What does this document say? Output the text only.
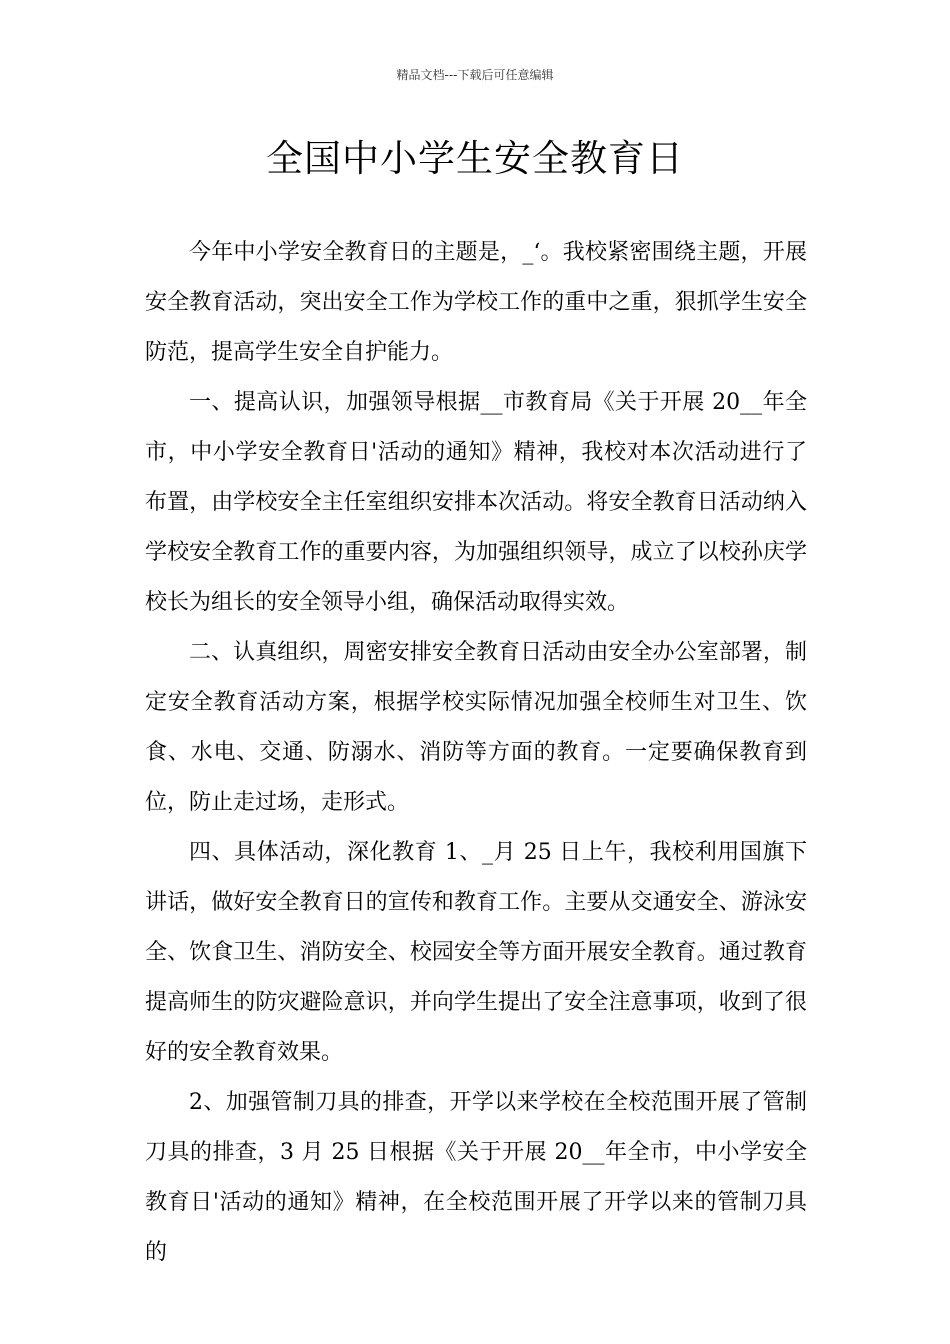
精品文档---下载后可任意编辑
全国中小学生安全教育日

今年中小学安全教育日的主题是，_‘。我校紧密围绕主题，开展安全教育活动，突出安全工作为学校工作的重中之重，狠抓学生安全防范，提高学生安全自护能力。

一、提高认识，加强领导根据__市教育局《关于开展 20__年全市，中小学安全教育日'活动的通知》精神，我校对本次活动进行了布置，由学校安全主任室组织安排本次活动。将安全教育日活动纳入学校安全教育工作的重要内容，为加强组织领导，成立了以校孙庆学校长为组长的安全领导小组，确保活动取得实效。

二、认真组织，周密安排安全教育日活动由安全办公室部署，制定安全教育活动方案，根据学校实际情况加强全校师生对卫生、饮食、水电、交通、防溺水、消防等方面的教育。一定要确保教育到位，防止走过场，走形式。

四、具体活动，深化教育 1、_月 25 日上午，我校利用国旗下讲话，做好安全教育日的宣传和教育工作。主要从交通安全、游泳安全、饮食卫生、消防安全、校园安全等方面开展安全教育。通过教育提高师生的防灾避险意识，并向学生提出了安全注意事项，收到了很好的安全教育效果。

2、加强管制刀具的排查，开学以来学校在全校范围开展了管制刀具的排查，3 月 25 日根据《关于开展 20__年全市，中小学安全教育日'活动的通知》精神，在全校范围开展了开学以来的管制刀具的
